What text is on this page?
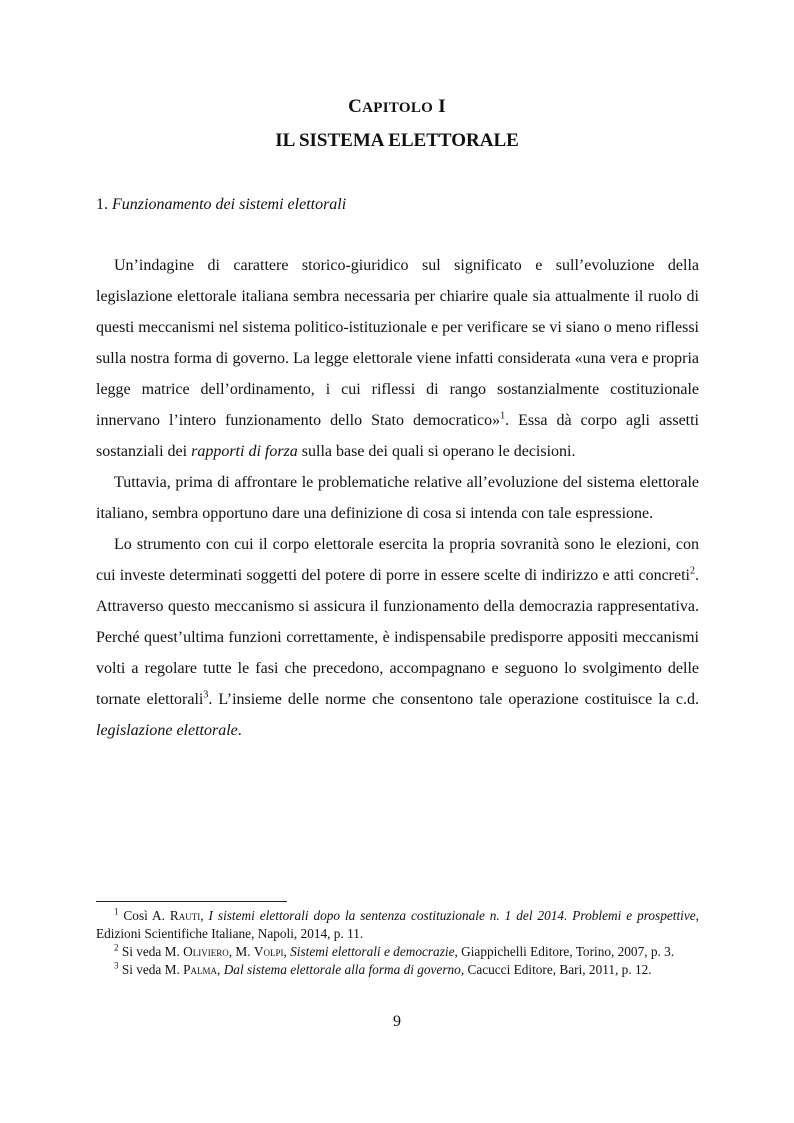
CAPITOLO I
IL SISTEMA ELETTORALE
1. Funzionamento dei sistemi elettorali

Un’indagine di carattere storico-giuridico sul significato e sull’evoluzione della legislazione elettorale italiana sembra necessaria per chiarire quale sia attualmente il ruolo di questi meccanismi nel sistema politico-istituzionale e per verificare se vi siano o meno riflessi sulla nostra forma di governo. La legge elettorale viene infatti considerata «una vera e propria legge matrice dell’ordinamento, i cui riflessi di rango sostanzialmente costituzionale innervano l’intero funzionamento dello Stato democratico»$^1$. Essa dà corpo agli assetti sostanziali dei rapporti di forza sulla base dei quali si operano le decisioni.

Tuttavia, prima di affrontare le problematiche relative all’evoluzione del sistema elettorale italiano, sembra opportuno dare una definizione di cosa si intenda con tale espressione.

Lo strumento con cui il corpo elettorale esercita la propria sovranità sono le elezioni, con cui investe determinati soggetti del potere di porre in essere scelte di indirizzo e atti concreti$^2$. Attraverso questo meccanismo si assicura il funzionamento della democrazia rappresentativa. Perché quest’ultima funzioni correttamente, è indispensabile predisporre appositi meccanismi volti a regolare tutte le fasi che precedono, accompagnano e seguono lo svolgimento delle tornate elettorali$^3$. L’insieme delle norme che consentono tale operazione costituisce la c.d. legislazione elettorale.

$^1$ Così A. Rauti, I sistemi elettorali dopo la sentenza costituzionale n. 1 del 2014. Problemi e prospettive, Edizioni Scientifiche Italiane, Napoli, 2014, p. 11.

$^2$ Si veda M. Oliviero, M. Volpi, Sistemi elettorali e democrazie, Giappichelli Editore, Torino, 2007, p. 3.

$^3$ Si veda M. Palma, Dal sistema elettorale alla forma di governo, Cacucci Editore, Bari, 2011, p. 12.

9
